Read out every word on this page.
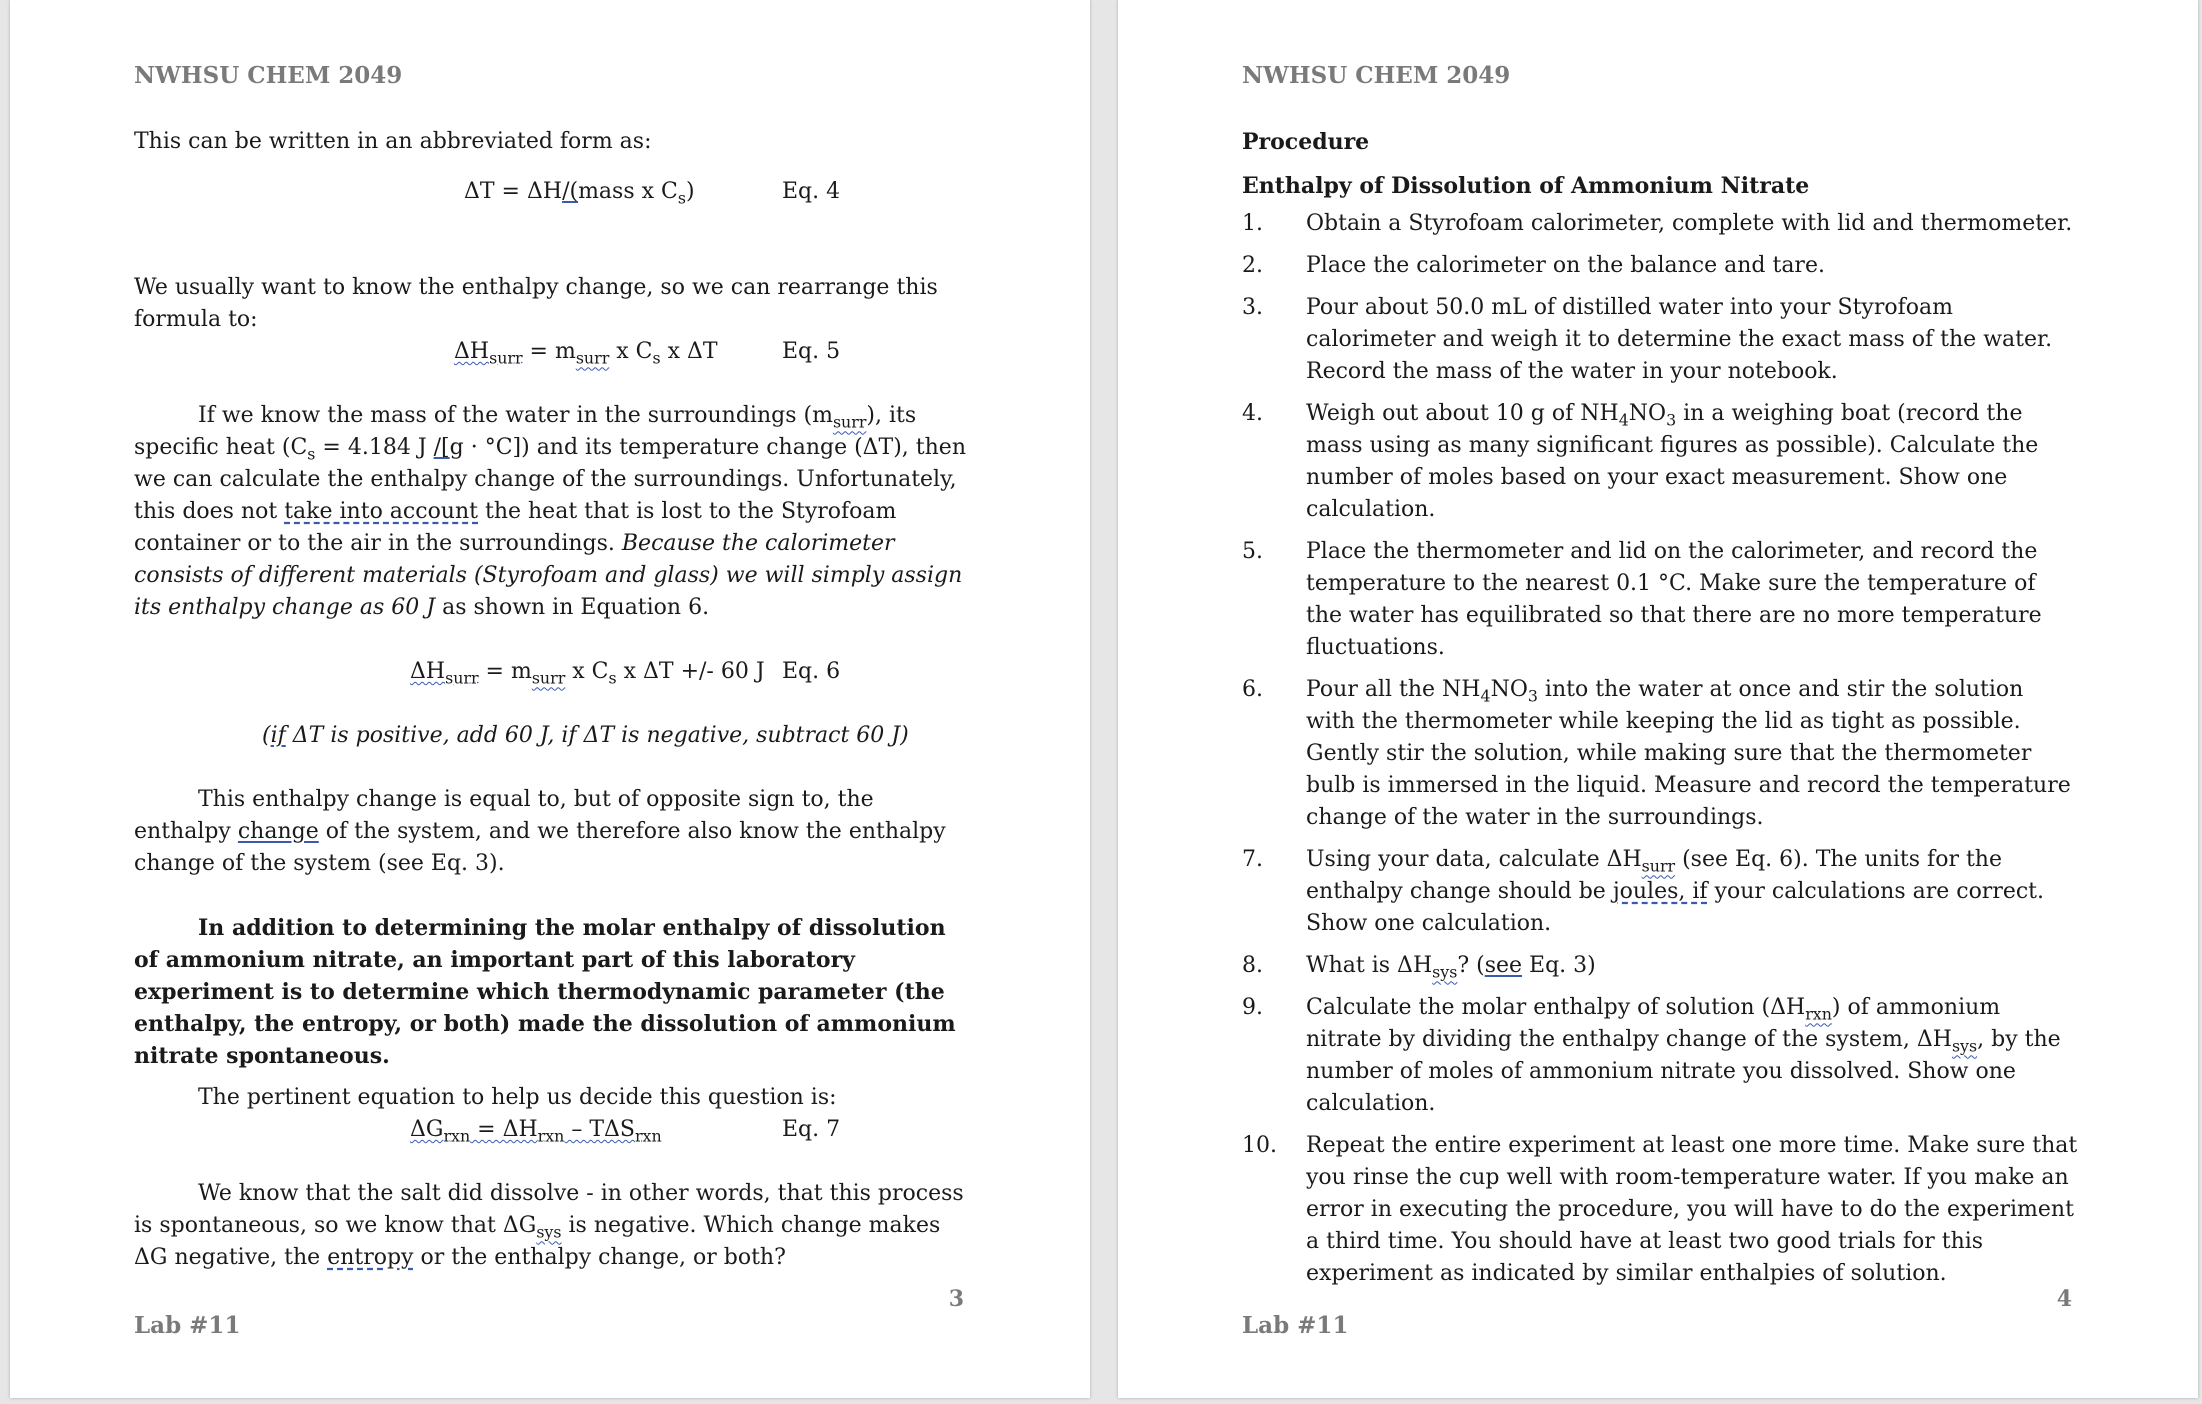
NWHSU CHEM 2049

This can be written in an abbreviated form as:

ΔT = ΔH/(mass x $C_s$)	Eq. 4

We usually want to know the enthalpy change, so we can rearrange this formula to:

$\Delta H_{surr} = m_{surr}$ x $C_s$ x ΔT	Eq. 5

If we know the mass of the water in the surroundings $(m_{surr})$, its specific heat ($C_s = 4.184$ J /[g · °C]) and its temperature change (ΔT), then we can calculate the enthalpy change of the surroundings. Unfortunately, this does not take into account the heat that is lost to the Styrofoam container or to the air in the surroundings. Because the calorimeter consists of different materials (Styrofoam and glass) we will simply assign its enthalpy change as 60 J as shown in Equation 6.

$\Delta H_{surr} = m_{surr}$ x $C_s$ x ΔT +/- 60 J Eq. 6

(if ΔT is positive, add 60 J, if ΔT is negative, subtract 60 J)

This enthalpy change is equal to, but of opposite sign to, the enthalpy change of the system, and we therefore also know the enthalpy change of the system (see Eq. 3).

In addition to determining the molar enthalpy of dissolution of ammonium nitrate, an important part of this laboratory experiment is to determine which thermodynamic parameter (the enthalpy, the entropy, or both) made the dissolution of ammonium nitrate spontaneous.

The pertinent equation to help us decide this question is:

$\Delta G_{rxn} = \Delta H_{rxn} - T\Delta S_{rxn}$	Eq. 7

We know that the salt did dissolve - in other words, that this process is spontaneous, so we know that $\Delta G_{sys}$ is negative. Which change makes ΔG negative, the entropy or the enthalpy change, or both?

3
Lab #11
NWHSU CHEM 2049

Procedure

Enthalpy of Dissolution of Ammonium Nitrate

1. Obtain a Styrofoam calorimeter, complete with lid and thermometer.
2. Place the calorimeter on the balance and tare.
3. Pour about 50.0 mL of distilled water into your Styrofoam calorimeter and weigh it to determine the exact mass of the water. Record the mass of the water in your notebook.
4. Weigh out about 10 g of $NH_4NO_3$ in a weighing boat (record the mass using as many significant figures as possible). Calculate the number of moles based on your exact measurement. Show one calculation.
5. Place the thermometer and lid on the calorimeter, and record the temperature to the nearest 0.1 °C. Make sure the temperature of the water has equilibrated so that there are no more temperature fluctuations.
6. Pour all the $NH_4NO_3$ into the water at once and stir the solution with the thermometer while keeping the lid as tight as possible. Gently stir the solution, while making sure that the thermometer bulb is immersed in the liquid. Measure and record the temperature change of the water in the surroundings.
7. Using your data, calculate $\Delta H_{surr}$ (see Eq. 6). The units for the enthalpy change should be joules, if your calculations are correct. Show one calculation.
8. What is $\Delta H_{sys}$? (see Eq. 3)
9. Calculate the molar enthalpy of solution $(\Delta H_{rxn})$ of ammonium nitrate by dividing the enthalpy change of the system, $\Delta H_{sys}$, by the number of moles of ammonium nitrate you dissolved. Show one calculation.
10. Repeat the entire experiment at least one more time. Make sure that you rinse the cup well with room-temperature water. If you make an error in executing the procedure, you will have to do the experiment a third time. You should have at least two good trials for this experiment as indicated by similar enthalpies of solution.
4
Lab #11
